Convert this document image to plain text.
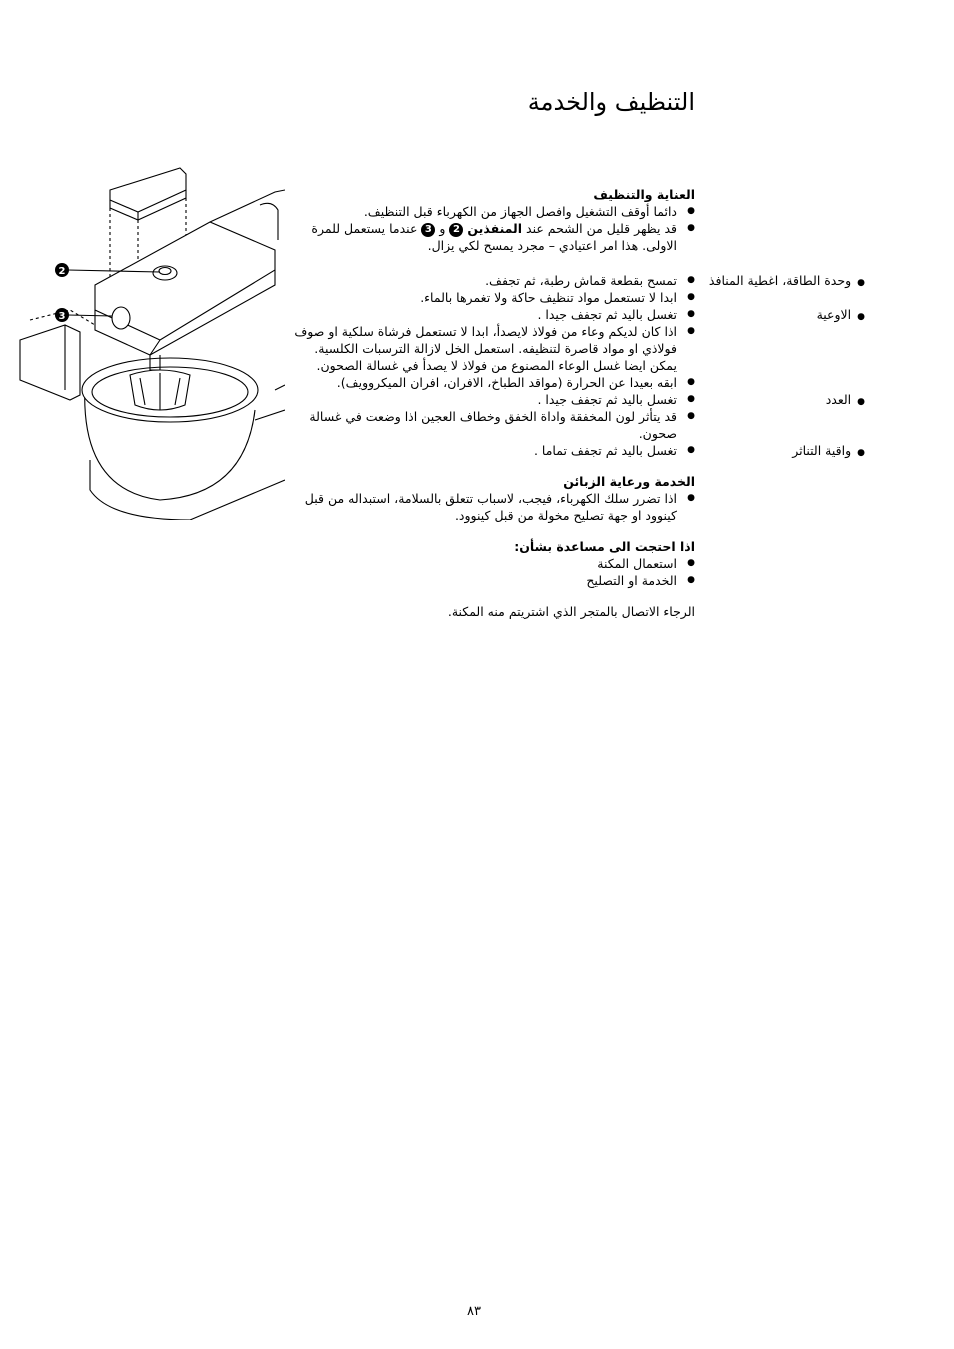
التنظيف والخدمة
2
3
العناية والتنظيف
●
دائما أوقف التشغيل وافصل الجهاز من الكهرباء قبل التنظيف.
●
قد يظهر قليل من الشحم عند المنفذين 2 و 3 عندما يستعمل للمرة الاولى. هذا امر اعتيادي – مجرد يمسح لكي يزال.
●وحدة الطاقة، اغطية المنافذ
●
تمسح بقطعة قماش رطبة، ثم تجفف.
●
ابدا لا تستعمل مواد تنظيف حاكة ولا تغمرها بالماء.
●الاوعية
●
تغسل باليد ثم تجفف جيدا .
●
اذا كان لديكم وعاء من فولاذ لايصدأ، ابدا لا تستعمل فرشاة سلكية او صوف فولاذي او مواد قاصرة لتنظيفه. استعمل الخل لازالة الترسبات الكلسية. يمكن ايضا غسل الوعاء المصنوع من فولاذ لا يصدأ في غسالة الصحون.
●
ابقه بعيدا عن الحرارة (مواقد الطباخ، الافران، افران الميكروويف).
●العدد
●
تغسل باليد ثم تجفف جيدا .
●
قد يتأثر لون المخفقة واداة الخفق وخطاف العجين اذا وضعت في غسالة صحون.
●واقية التناثر
●
تغسل باليد ثم تجفف تماما .
الخدمة ورعاية الزبائن
●
اذا تضرر سلك الكهرباء، فيجب، لاسباب تتعلق بالسلامة، استبداله من قبل كينوود او جهة تصليح مخولة من قبل كينوود.
اذا احتجت الى مساعدة بشأن:
●
استعمال المكنة
●
الخدمة او التصليح
الرجاء الاتصال بالمتجر الذي اشتريتم منه المكنة.
٨٣
